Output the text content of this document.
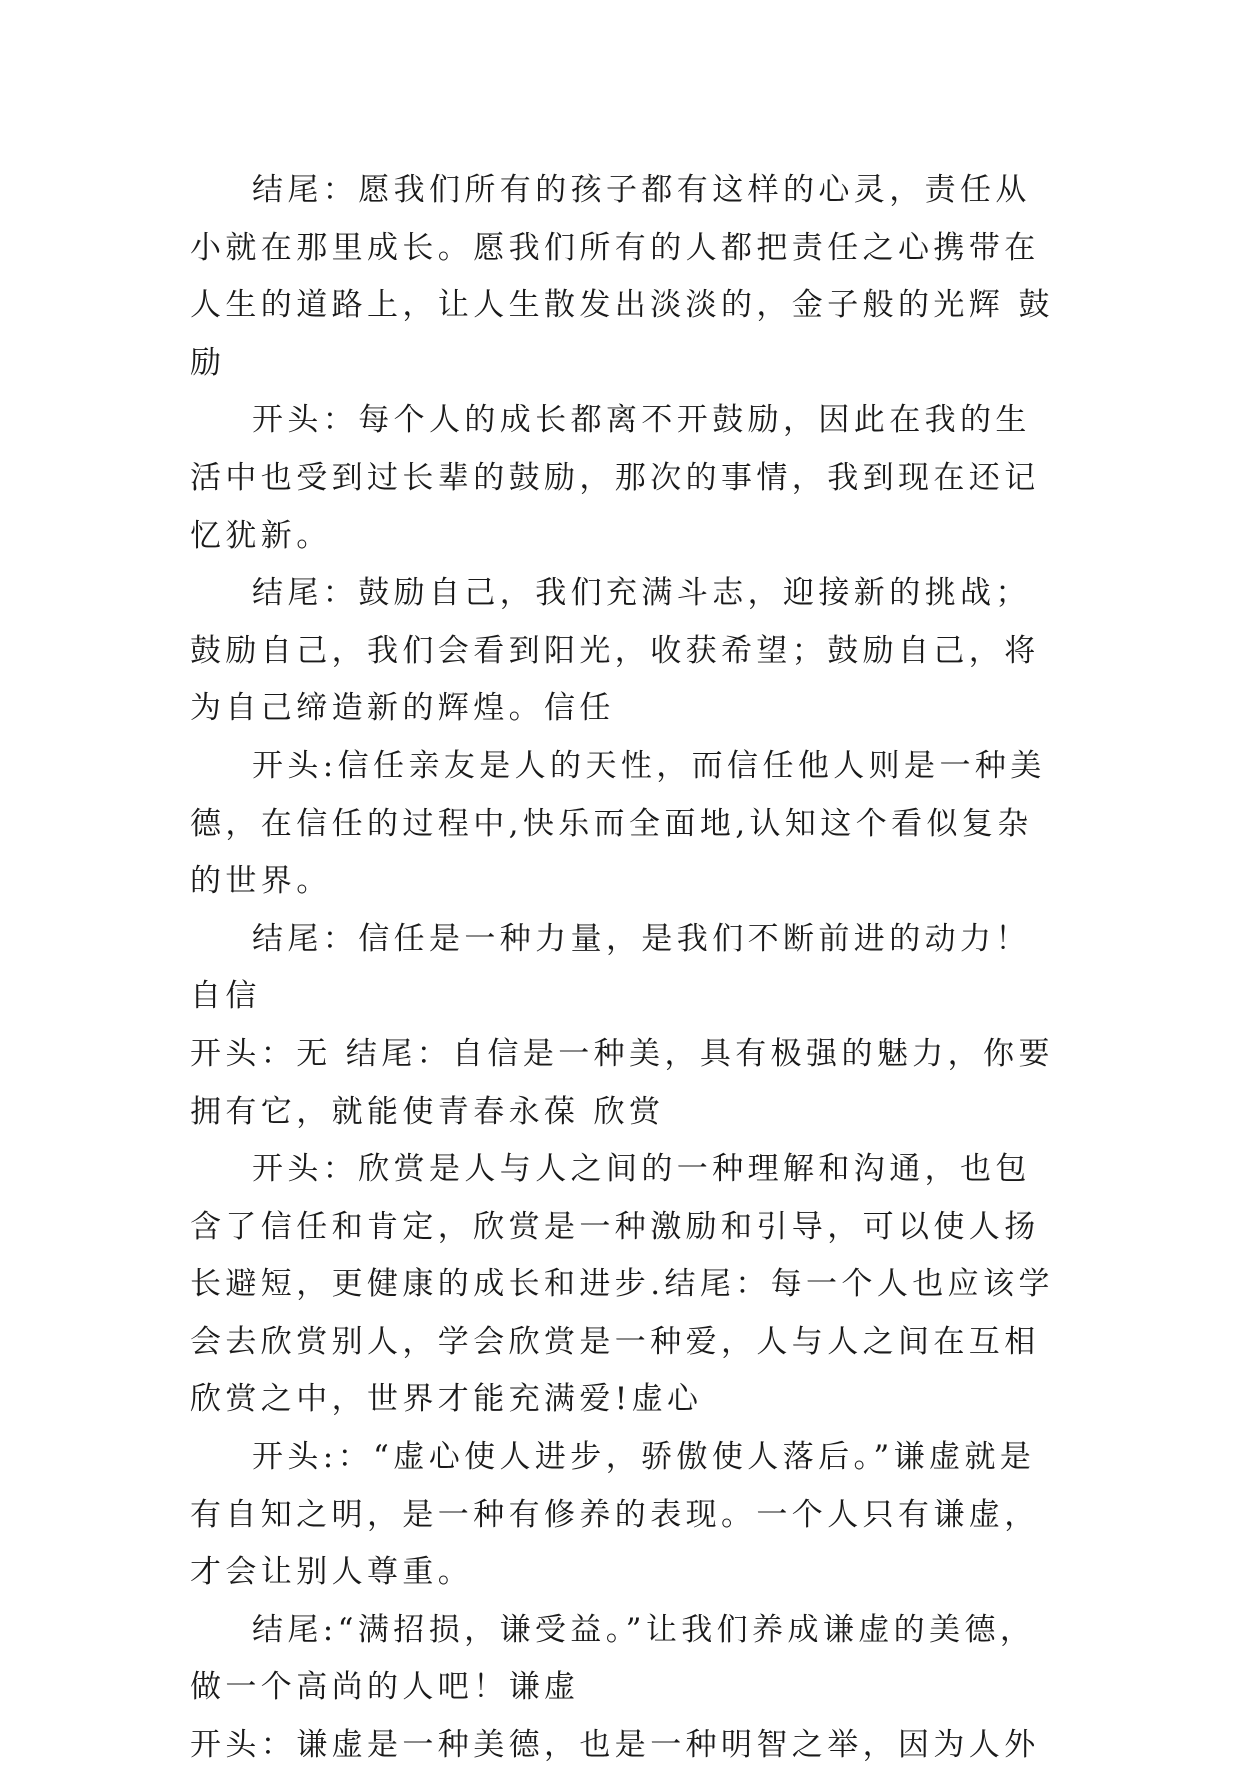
结尾：愿我们所有的孩子都有这样的心灵，责任从小就在那里成长。愿我们所有的人都把责任之心携带在人生的道路上，让人生散发出淡淡的，金子般的光辉 鼓励

开头：每个人的成长都离不开鼓励，因此在我的生活中也受到过长辈的鼓励，那次的事情，我到现在还记忆犹新。

结尾：鼓励自己，我们充满斗志，迎接新的挑战；鼓励自己，我们会看到阳光，收获希望；鼓励自己，将为自己缔造新的辉煌。信任

开头:信任亲友是人的天性，而信任他人则是一种美德，在信任的过程中,快乐而全面地,认知这个看似复杂的世界。

结尾：信任是一种力量，是我们不断前进的动力！自信

开头：无 结尾：自信是一种美，具有极强的魅力，你要拥有它，就能使青春永葆 欣赏

开头：欣赏是人与人之间的一种理解和沟通，也包含了信任和肯定，欣赏是一种激励和引导，可以使人扬长避短，更健康的成长和进步.结尾：每一个人也应该学会去欣赏别人，学会欣赏是一种爱，人与人之间在互相欣赏之中，世界才能充满爱!虚心

开头:：“虚心使人进步，骄傲使人落后。”谦虚就是有自知之明，是一种有修养的表现。一个人只有谦虚，才会让别人尊重。

结尾:“满招损，谦受益。”让我们养成谦虚的美德，做一个高尚的人吧！谦虚

开头：谦虚是一种美德，也是一种明智之举，因为人外
